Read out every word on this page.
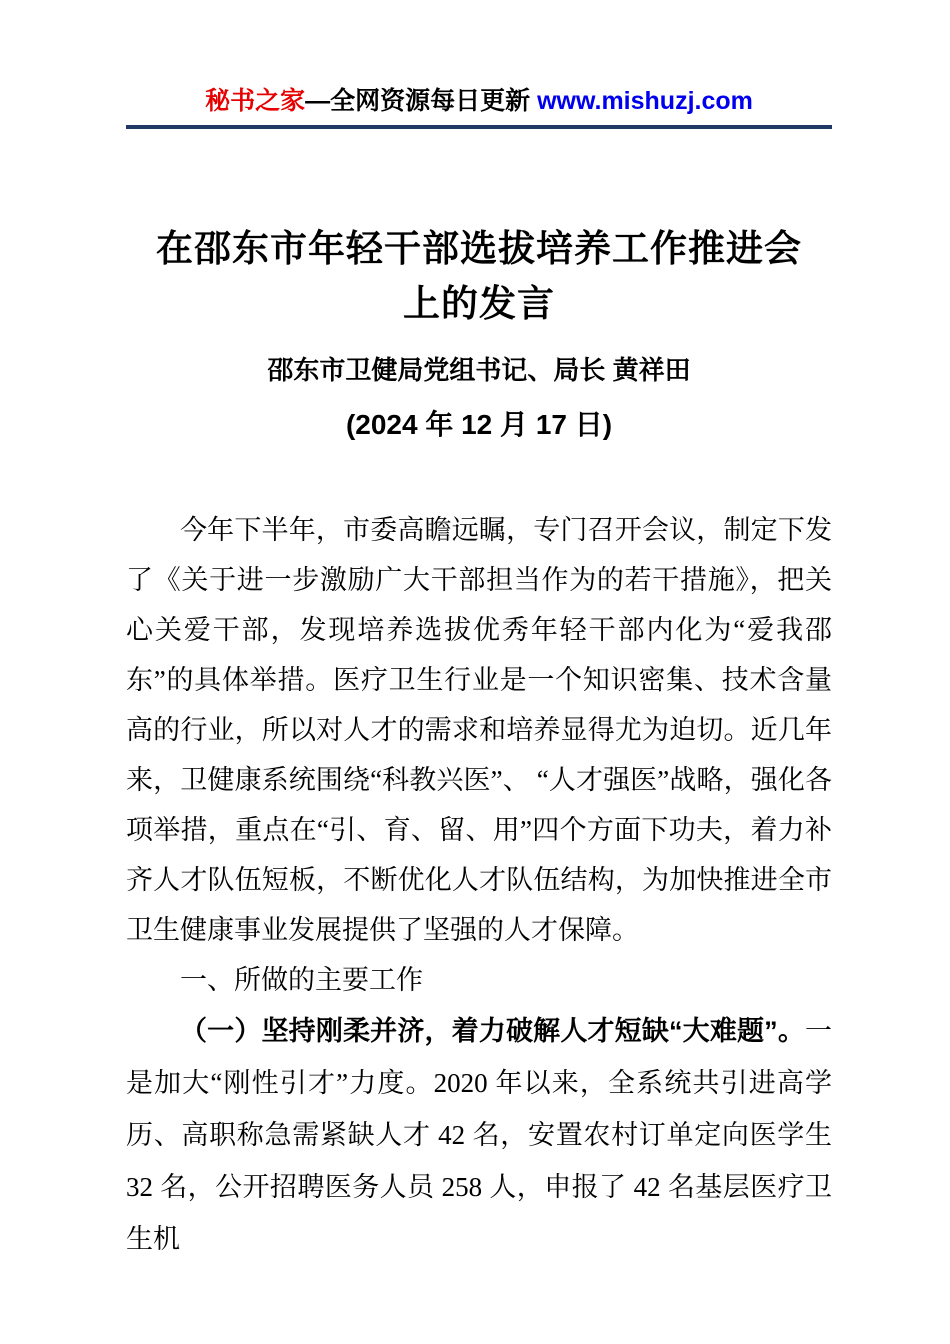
秘书之家—全网资源每日更新 www.mishuzj.com
在邵东市年轻干部选拔培养工作推进会
上的发言
邵东市卫健局党组书记、局长 黄祥田
(2024 年 12 月 17 日)

今年下半年，市委高瞻远瞩，专门召开会议，制定下发了《关于进一步激励广大干部担当作为的若干措施》，把关心关爱干部，发现培养选拔优秀年轻干部内化为“爱我邵东”的具体举措。医疗卫生行业是一个知识密集、技术含量高的行业，所以对人才的需求和培养显得尤为迫切。近几年来，卫健康系统围绕“科教兴医”、 “人才强医”战略，强化各项举措，重点在“引、育、留、用”四个方面下功夫，着力补齐人才队伍短板，不断优化人才队伍结构，为加快推进全市卫生健康事业发展提供了坚强的人才保障。

一、所做的主要工作

（一）坚持刚柔并济，着力破解人才短缺“大难题”。一是加大“刚性引才”力度。2020 年以来，全系统共引进高学历、高职称急需紧缺人才 42 名，安置农村订单定向医学生 32 名，公开招聘医务人员 258 人，申报了 42 名基层医疗卫生机
